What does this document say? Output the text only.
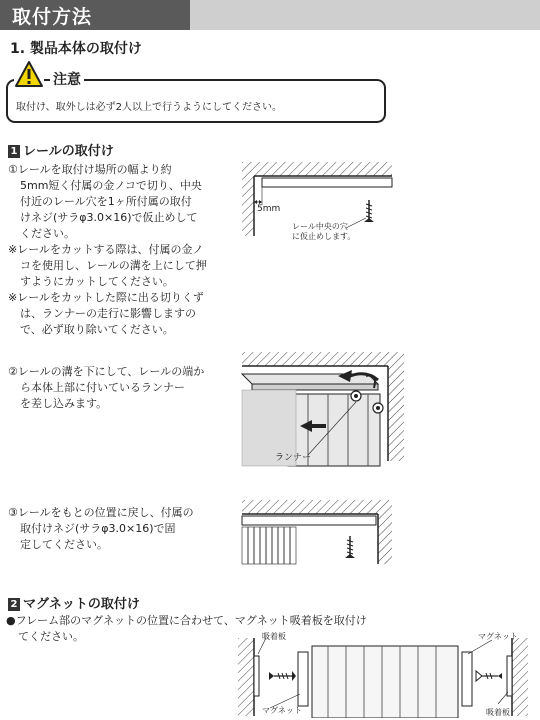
取付方法
1. 製品本体の取付け
注意
取付け、取外しは必ず2人以上で行うようにしてください。
1 レールの取付け
①レールを取付け場所の幅より約
5mm短く付属の金ノコで切り、中央
付近のレール穴を1ヶ所付属の取付
けネジ(サラφ3.0×16)で仮止めして
ください。
※レールをカットする際は、付属の金ノ
コを使用し、レールの溝を上にして押
すようにカットしてください。
※レールをカットした際に出る切りくず
は、ランナーの走行に影響しますの
で、必ず取り除いてください。
5mm
レール中央の穴
に仮止めします。
②レールの溝を下にして、レールの端か
ら本体上部に付いているランナー
を差し込みます。
ランナー
③レールをもとの位置に戻し、付属の
取付けネジ(サラφ3.0×16)で固
定してください。
2 マグネットの取付け
●フレーム部のマグネットの位置に合わせて、マグネット吸着板を取付け
てください。	吸着板
マグネット
マグネット
吸着板
